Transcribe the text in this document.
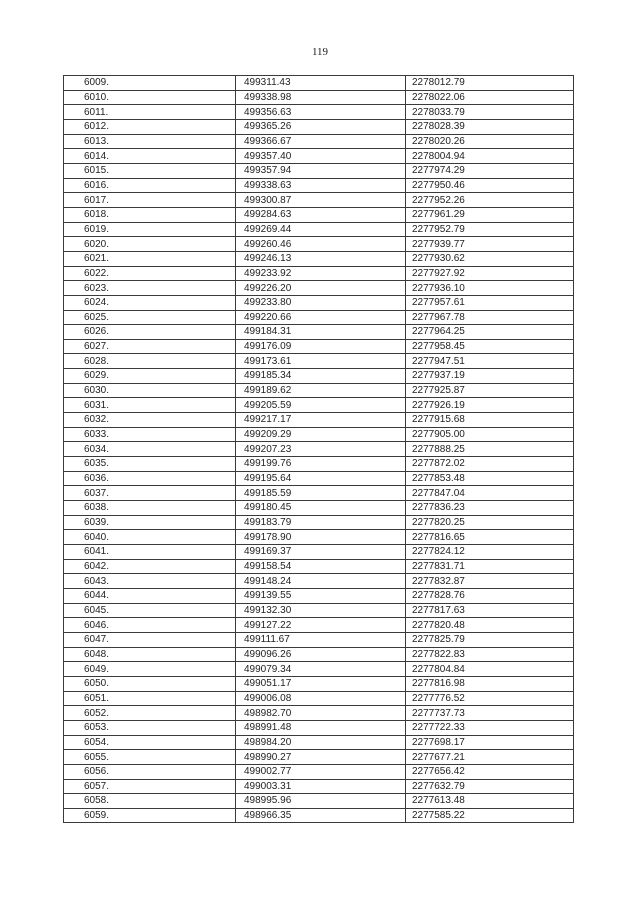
119
6009.	499311.43	2278012.79
6010.	499338.98	2278022.06
6011.	499356.63	2278033.79
6012.	499365.26	2278028.39
6013.	499366.67	2278020.26
6014.	499357.40	2278004.94
6015.	499357.94	2277974.29
6016.	499338.63	2277950.46
6017.	499300.87	2277952.26
6018.	499284.63	2277961.29
6019.	499269.44	2277952.79
6020.	499260.46	2277939.77
6021.	499246.13	2277930.62
6022.	499233.92	2277927.92
6023.	499226.20	2277936.10
6024.	499233.80	2277957.61
6025.	499220.66	2277967.78
6026.	499184.31	2277964.25
6027.	499176.09	2277958.45
6028.	499173.61	2277947.51
6029.	499185.34	2277937.19
6030.	499189.62	2277925.87
6031.	499205.59	2277926.19
6032.	499217.17	2277915.68
6033.	499209.29	2277905.00
6034.	499207.23	2277888.25
6035.	499199.76	2277872.02
6036.	499195.64	2277853.48
6037.	499185.59	2277847.04
6038.	499180.45	2277836.23
6039.	499183.79	2277820.25
6040.	499178.90	2277816.65
6041.	499169.37	2277824.12
6042.	499158.54	2277831.71
6043.	499148.24	2277832.87
6044.	499139.55	2277828.76
6045.	499132.30	2277817.63
6046.	499127.22	2277820.48
6047.	499111.67	2277825.79
6048.	499096.26	2277822.83
6049.	499079.34	2277804.84
6050.	499051.17	2277816.98
6051.	499006.08	2277776.52
6052.	498982.70	2277737.73
6053.	498991.48	2277722.33
6054.	498984.20	2277698.17
6055.	498990.27	2277677.21
6056.	499002.77	2277656.42
6057.	499003.31	2277632.79
6058.	498995.96	2277613.48
6059.	498966.35	2277585.22
